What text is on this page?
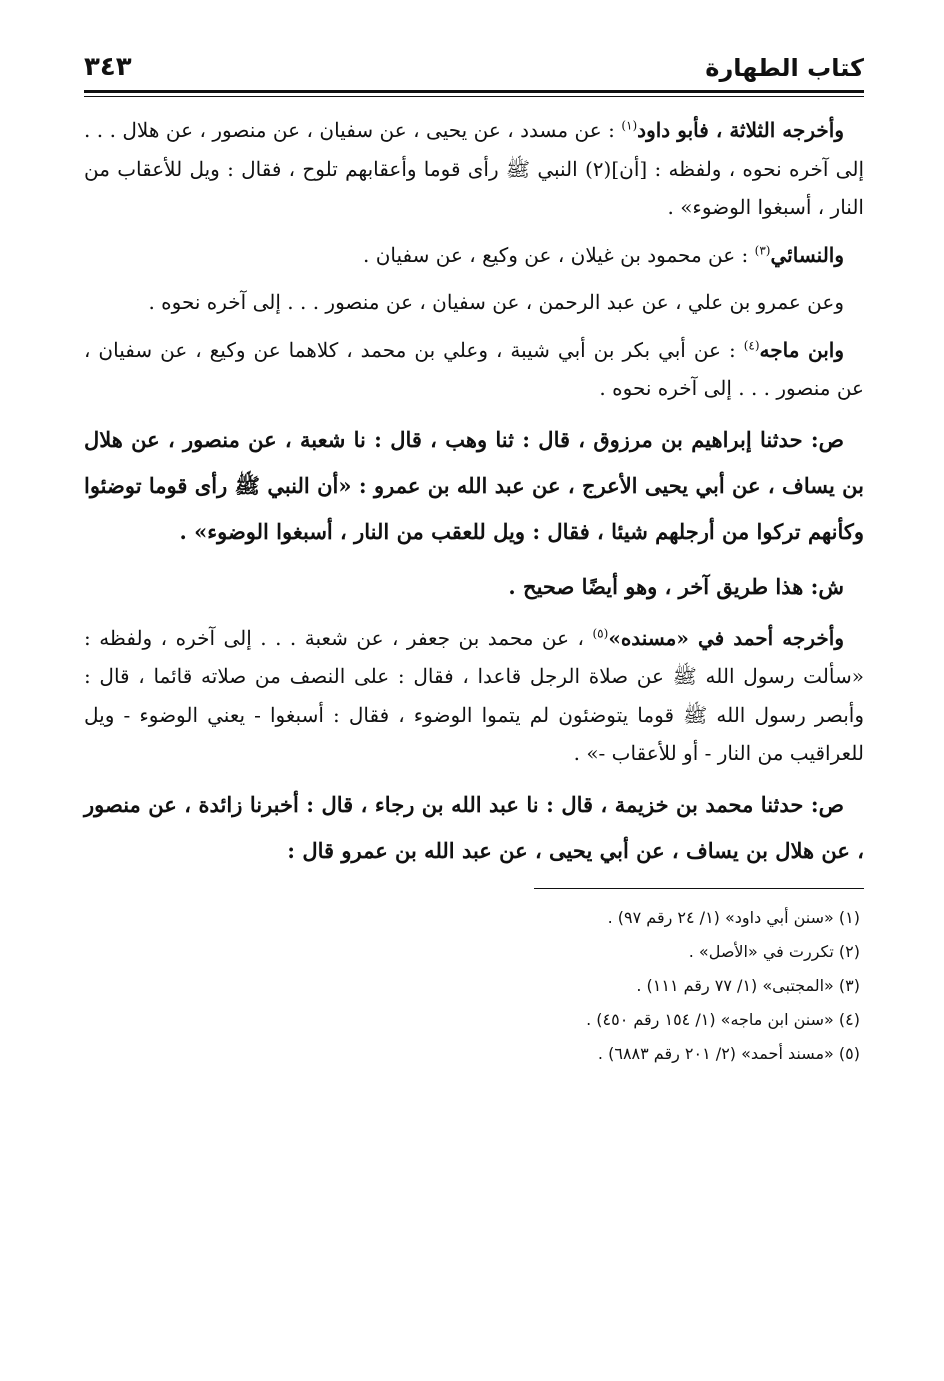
كتاب الطهارة
٣٤٣

وأخرجه الثلاثة ، فأبو داود$^{(١)}$ : عن مسدد ، عن يحيى ، عن سفيان ، عن منصور ، عن هلال . . . إلى آخره نحوه ، ولفظه : [أن](٢) النبي ﷺ رأى قوما وأعقابهم تلوح ، فقال : ويل للأعقاب من النار ، أسبغوا الوضوء» .

والنسائي$^{(٣)}$ : عن محمود بن غيلان ، عن وكيع ، عن سفيان .

وعن عمرو بن علي ، عن عبد الرحمن ، عن سفيان ، عن منصور . . . إلى آخره نحوه .

وابن ماجه$^{(٤)}$ : عن أبي بكر بن أبي شيبة ، وعلي بن محمد ، كلاهما عن وكيع ، عن سفيان ، عن منصور . . . إلى آخره نحوه .

ص: حدثنا إبراهيم بن مرزوق ، قال : ثنا وهب ، قال : نا شعبة ، عن منصور ، عن هلال بن يساف ، عن أبي يحيى الأعرج ، عن عبد الله بن عمرو : «أن النبي ﷺ رأى قوما توضئوا وكأنهم تركوا من أرجلهم شيئا ، فقال : ويل للعقب من النار ، أسبغوا الوضوء» .

ش: هذا طريق آخر ، وهو أيضًا صحيح .

وأخرجه أحمد في «مسنده»$^{(٥)}$ ، عن محمد بن جعفر ، عن شعبة . . . إلى آخره ، ولفظه : «سألت رسول الله ﷺ عن صلاة الرجل قاعدا ، فقال : على النصف من صلاته قائما ، قال : وأبصر رسول الله ﷺ قوما يتوضئون لم يتموا الوضوء ، فقال : أسبغوا - يعني الوضوء - ويل للعراقيب من النار - أو للأعقاب -» .

ص: حدثنا محمد بن خزيمة ، قال : نا عبد الله بن رجاء ، قال : أخبرنا زائدة ، عن منصور ، عن هلال بن يساف ، عن أبي يحيى ، عن عبد الله بن عمرو قال :

(١) «سنن أبي داود» (١/ ٢٤ رقم ٩٧) .

(٢) تكررت في «الأصل» .

(٣) «المجتبى» (١/ ٧٧ رقم ١١١) .

(٤) «سنن ابن ماجه» (١/ ١٥٤ رقم ٤٥٠) .

(٥) «مسند أحمد» (٢/ ٢٠١ رقم ٦٨٨٣) .
